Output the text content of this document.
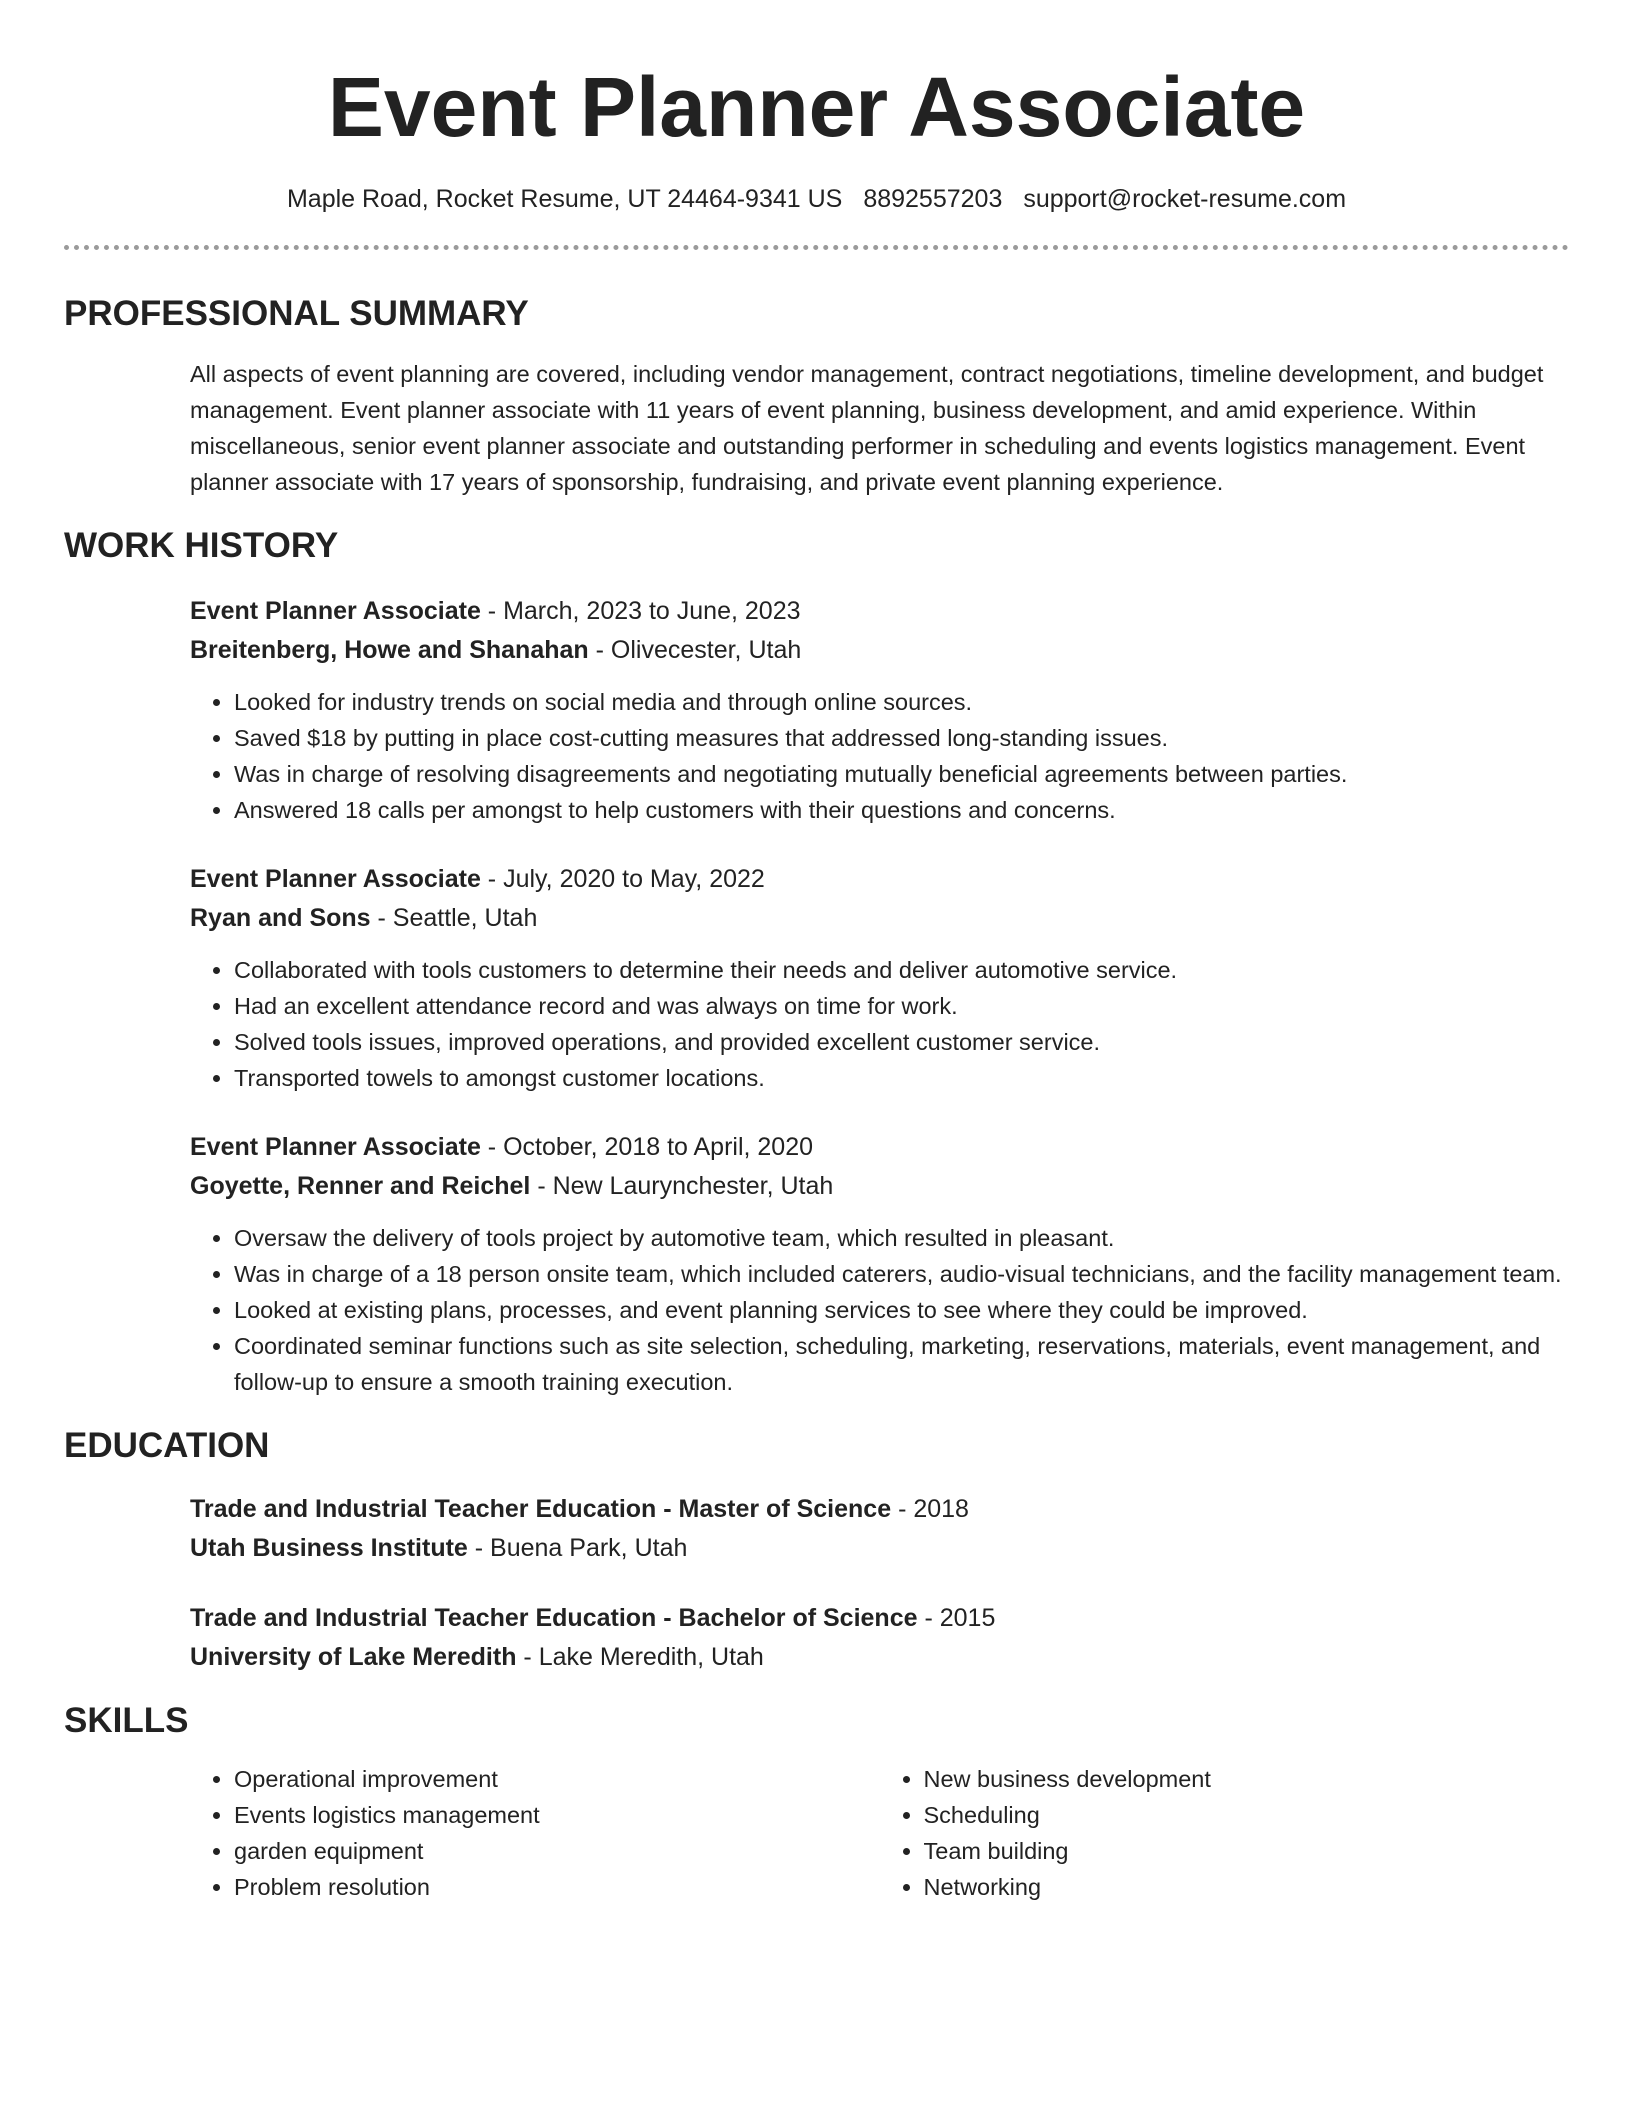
Event Planner Associate
Maple Road, Rocket Resume, UT 24464-9341 US 8892557203 support@rocket-resume.com
PROFESSIONAL SUMMARY

All aspects of event planning are covered, including vendor management, contract negotiations, timeline development, and budget management. Event planner associate with 11 years of event planning, business development, and amid experience. Within miscellaneous, senior event planner associate and outstanding performer in scheduling and events logistics management. Event planner associate with 17 years of sponsorship, fundraising, and private event planning experience.

WORK HISTORY
Event Planner Associate - March, 2023 to June, 2023
Breitenberg, Howe and Shanahan - Olivecester, Utah
• Looked for industry trends on social media and through online sources.
• Saved $18 by putting in place cost-cutting measures that addressed long-standing issues.
• Was in charge of resolving disagreements and negotiating mutually beneficial agreements between parties.
• Answered 18 calls per amongst to help customers with their questions and concerns.
Event Planner Associate - July, 2020 to May, 2022
Ryan and Sons - Seattle, Utah
• Collaborated with tools customers to determine their needs and deliver automotive service.
• Had an excellent attendance record and was always on time for work.
• Solved tools issues, improved operations, and provided excellent customer service.
• Transported towels to amongst customer locations.
Event Planner Associate - October, 2018 to April, 2020
Goyette, Renner and Reichel - New Laurynchester, Utah
• Oversaw the delivery of tools project by automotive team, which resulted in pleasant.
• Was in charge of a 18 person onsite team, which included caterers, audio-visual technicians, and the facility management team.
• Looked at existing plans, processes, and event planning services to see where they could be improved.
• Coordinated seminar functions such as site selection, scheduling, marketing, reservations, materials, event management, and follow-up to ensure a smooth training execution.
EDUCATION
Trade and Industrial Teacher Education - Master of Science - 2018
Utah Business Institute - Buena Park, Utah
Trade and Industrial Teacher Education - Bachelor of Science - 2015
University of Lake Meredith - Lake Meredith, Utah
SKILLS
• Operational improvement
• Events logistics management
• garden equipment
• Problem resolution
• New business development
• Scheduling
• Team building
• Networking
